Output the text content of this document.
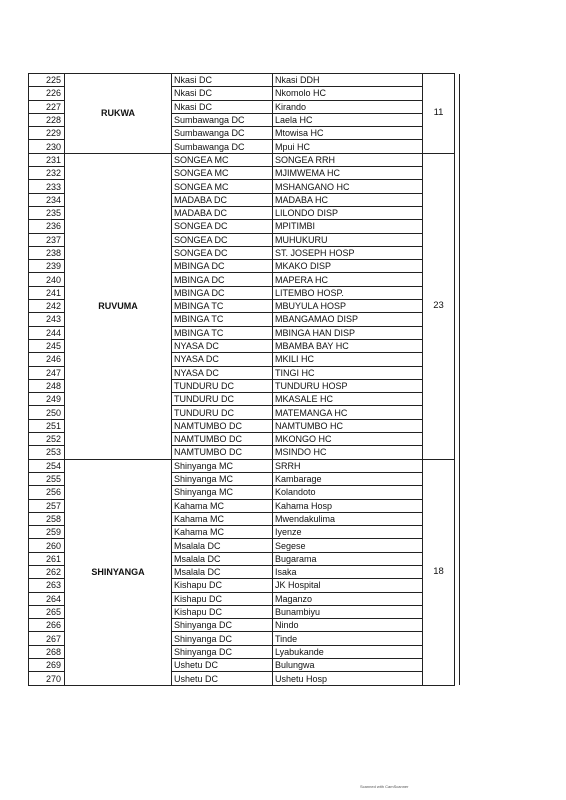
225	RUKWA	Nkasi DC	Nkasi DDH	11	
226		Nkasi DC	Nkomolo HC		
227		Nkasi DC	Kirando		
228		Sumbawanga DC	Laela HC		
229		Sumbawanga DC	Mtowisa HC		
230		Sumbawanga DC	Mpui HC		
231	RUVUMA	SONGEA MC	SONGEA RRH	23	
232		SONGEA MC	MJIMWEMA HC		
233		SONGEA MC	MSHANGANO HC		
234		MADABA DC	MADABA HC		
235		MADABA DC	LILONDO DISP		
236		SONGEA DC	MPITIMBI		
237		SONGEA DC	MUHUKURU		
238		SONGEA DC	ST. JOSEPH HOSP		
239		MBINGA DC	MKAKO DISP		
240		MBINGA DC	MAPERA HC		
241		MBINGA DC	LITEMBO HOSP.		
242		MBINGA TC	MBUYULA HOSP		
243		MBINGA TC	MBANGAMAO DISP		
244		MBINGA TC	MBINGA HAN DISP		
245		NYASA DC	MBAMBA BAY HC		
246		NYASA DC	MKILI HC		
247		NYASA DC	TINGI HC		
248		TUNDURU DC	TUNDURU HOSP		
249		TUNDURU DC	MKASALE HC		
250		TUNDURU DC	MATEMANGA HC		
251		NAMTUMBO DC	NAMTUMBO HC		
252		NAMTUMBO DC	MKONGO HC		
253		NAMTUMBO DC	MSINDO HC		
254	SHINYANGA	Shinyanga MC	SRRH	18	
255		Shinyanga MC	Kambarage		
256		Shinyanga MC	Kolandoto		
257		Kahama MC	Kahama Hosp		
258		Kahama MC	Mwendakulima		
259		Kahama MC	Iyenze		
260		Msalala DC	Segese		
261		Msalala DC	Bugarama		
262		Msalala DC	Isaka		
263		Kishapu DC	JK Hospital		
264		Kishapu DC	Maganzo		
265		Kishapu DC	Bunambiyu		
266		Shinyanga DC	Nindo		
267		Shinyanga DC	Tinde		
268		Shinyanga DC	Lyabukande		
269		Ushetu DC	Bulungwa		
270		Ushetu DC	Ushetu Hosp		
Scanned with CamScanner
